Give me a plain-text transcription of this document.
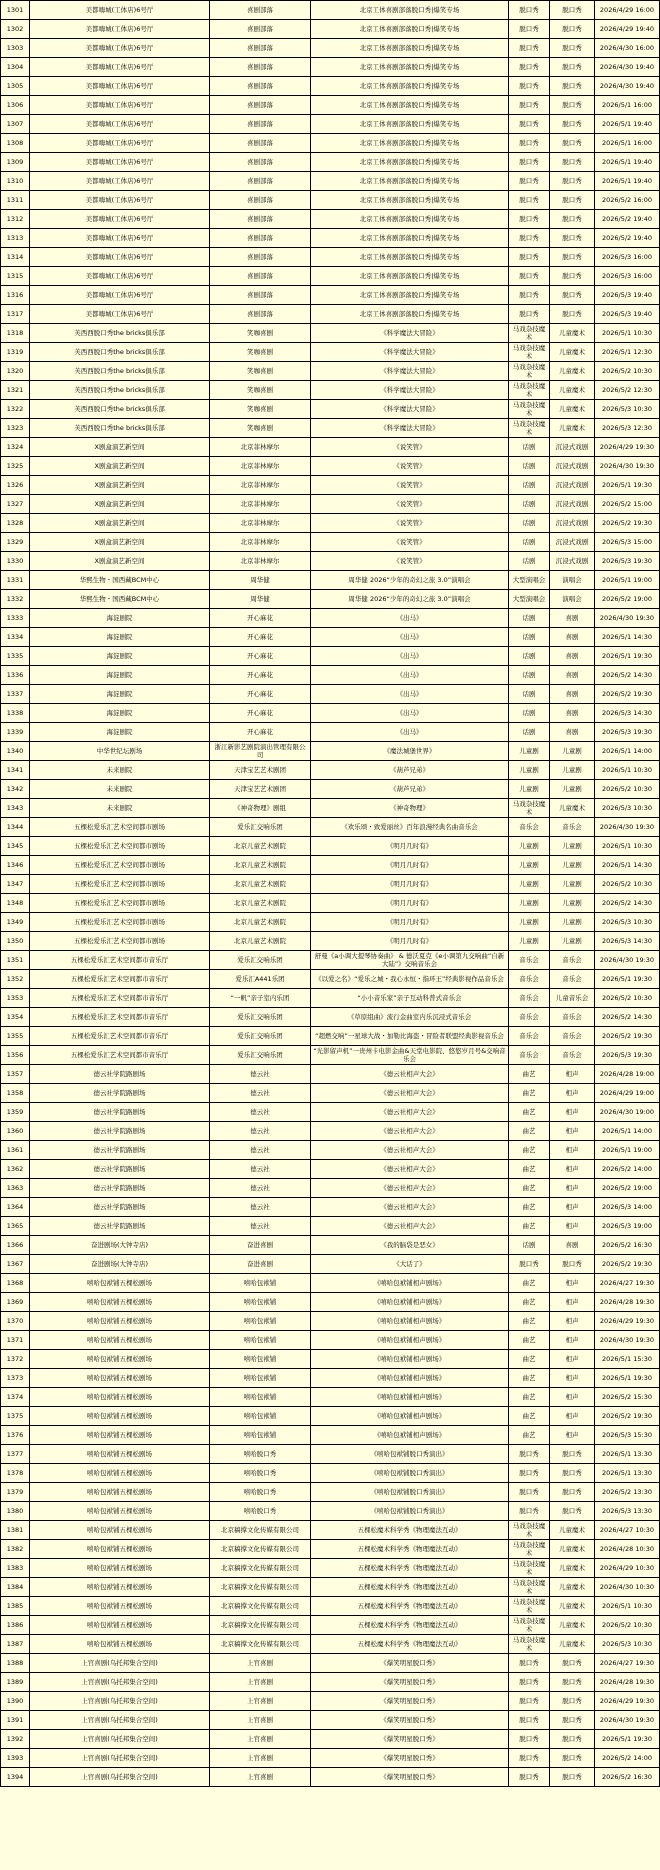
1301	美都嗨城(工体店)6号厅	喜剧部落	北京工体喜剧部落脱口秀|爆笑专场	脱口秀	脱口秀	2026/4/29 16:00
1302	美都嗨城(工体店)6号厅	喜剧部落	北京工体喜剧部落脱口秀|爆笑专场	脱口秀	脱口秀	2026/4/29 19:40
1303	美都嗨城(工体店)6号厅	喜剧部落	北京工体喜剧部落脱口秀|爆笑专场	脱口秀	脱口秀	2026/4/30 16:00
1304	美都嗨城(工体店)6号厅	喜剧部落	北京工体喜剧部落脱口秀|爆笑专场	脱口秀	脱口秀	2026/4/30 19:40
1305	美都嗨城(工体店)6号厅	喜剧部落	北京工体喜剧部落脱口秀|爆笑专场	脱口秀	脱口秀	2026/4/30 19:40
1306	美都嗨城(工体店)6号厅	喜剧部落	北京工体喜剧部落脱口秀|爆笑专场	脱口秀	脱口秀	2026/5/1 16:00
1307	美都嗨城(工体店)6号厅	喜剧部落	北京工体喜剧部落脱口秀|爆笑专场	脱口秀	脱口秀	2026/5/1 19:40
1308	美都嗨城(工体店)6号厅	喜剧部落	北京工体喜剧部落脱口秀|爆笑专场	脱口秀	脱口秀	2026/5/1 16:00
1309	美都嗨城(工体店)6号厅	喜剧部落	北京工体喜剧部落脱口秀|爆笑专场	脱口秀	脱口秀	2026/5/1 19:40
1310	美都嗨城(工体店)6号厅	喜剧部落	北京工体喜剧部落脱口秀|爆笑专场	脱口秀	脱口秀	2026/5/1 19:40
1311	美都嗨城(工体店)6号厅	喜剧部落	北京工体喜剧部落脱口秀|爆笑专场	脱口秀	脱口秀	2026/5/2 16:00
1312	美都嗨城(工体店)6号厅	喜剧部落	北京工体喜剧部落脱口秀|爆笑专场	脱口秀	脱口秀	2026/5/2 19:40
1313	美都嗨城(工体店)6号厅	喜剧部落	北京工体喜剧部落脱口秀|爆笑专场	脱口秀	脱口秀	2026/5/2 19:40
1314	美都嗨城(工体店)6号厅	喜剧部落	北京工体喜剧部落脱口秀|爆笑专场	脱口秀	脱口秀	2026/5/3 16:00
1315	美都嗨城(工体店)6号厅	喜剧部落	北京工体喜剧部落脱口秀|爆笑专场	脱口秀	脱口秀	2026/5/3 16:00
1316	美都嗨城(工体店)6号厅	喜剧部落	北京工体喜剧部落脱口秀|爆笑专场	脱口秀	脱口秀	2026/5/3 19:40
1317	美都嗨城(工体店)6号厅	喜剧部落	北京工体喜剧部落脱口秀|爆笑专场	脱口秀	脱口秀	2026/5/3 19:40
1318	芙西西脱口秀the bricks俱乐部	笑咖喜剧	《科学魔法大冒险》	马戏杂技魔术	儿童魔术	2026/5/1 10:30
1319	芙西西脱口秀the bricks俱乐部	笑咖喜剧	《科学魔法大冒险》	马戏杂技魔术	儿童魔术	2026/5/1 12:30
1320	芙西西脱口秀the bricks俱乐部	笑咖喜剧	《科学魔法大冒险》	马戏杂技魔术	儿童魔术	2026/5/2 10:30
1321	芙西西脱口秀the bricks俱乐部	笑咖喜剧	《科学魔法大冒险》	马戏杂技魔术	儿童魔术	2026/5/2 12:30
1322	芙西西脱口秀the bricks俱乐部	笑咖喜剧	《科学魔法大冒险》	马戏杂技魔术	儿童魔术	2026/5/3 10:30
1323	芙西西脱口秀the bricks俱乐部	笑咖喜剧	《科学魔法大冒险》	马戏杂技魔术	儿童魔术	2026/5/3 12:30
1324	X剧盒演艺新空间	北京菲林摩尔	《说笑管》	话剧	沉浸式戏剧	2026/4/29 19:30
1325	X剧盒演艺新空间	北京菲林摩尔	《说笑管》	话剧	沉浸式戏剧	2026/4/30 19:30
1326	X剧盒演艺新空间	北京菲林摩尔	《说笑管》	话剧	沉浸式戏剧	2026/5/1 19:30
1327	X剧盒演艺新空间	北京菲林摩尔	《说笑管》	话剧	沉浸式戏剧	2026/5/2 15:00
1328	X剧盒演艺新空间	北京菲林摩尔	《说笑管》	话剧	沉浸式戏剧	2026/5/2 19:30
1329	X剧盒演艺新空间	北京菲林摩尔	《说笑管》	话剧	沉浸式戏剧	2026/5/3 15:00
1330	X剧盒演艺新空间	北京菲林摩尔	《说笑管》	话剧	沉浸式戏剧	2026/5/3 19:30
1331	华熙生物・国西藏BCM中心	周华健	周华健 2026“少年的奇幻之旅 3.0”演唱会	大型演唱会	演唱会	2026/5/1 19:00
1332	华熙生物・国西藏BCM中心	周华健	周华健 2026“少年的奇幻之旅 3.0”演唱会	大型演唱会	演唱会	2026/5/2 19:00
1333	海淀剧院	开心麻花	《出马》	话剧	喜剧	2026/4/30 19:30
1334	海淀剧院	开心麻花	《出马》	话剧	喜剧	2026/5/1 14:30
1335	海淀剧院	开心麻花	《出马》	话剧	喜剧	2026/5/1 19:30
1336	海淀剧院	开心麻花	《出马》	话剧	喜剧	2026/5/2 14:30
1337	海淀剧院	开心麻花	《出马》	话剧	喜剧	2026/5/2 19:30
1338	海淀剧院	开心麻花	《出马》	话剧	喜剧	2026/5/3 14:30
1339	海淀剧院	开心麻花	《出马》	话剧	喜剧	2026/5/3 19:30
1340	中华世纪坛剧场	浙江新影艺剧院演出管理有限公司	《魔法城堡世界》	儿童剧	儿童剧	2026/5/1 14:00
1341	未来剧院	天津宝艺艺术剧团	《葫芦兄弟》	儿童剧	儿童剧	2026/5/1 10:30
1342	未来剧院	天津宝艺艺术剧团	《葫芦兄弟》	儿童剧	儿童剧	2026/5/2 10:30
1343	未来剧院	《神奇物理》剧组	《神奇物理》	马戏杂技魔术	儿童魔术	2026/5/3 10:30
1344	五棵松爱乐汇艺术空间都市剧场	爱乐汇交响乐团	《欢乐颂・致爱丽丝》百年浪漫经典名曲音乐会	音乐会	音乐会	2026/4/30 19:30
1345	五棵松爱乐汇艺术空间都市剧场	北京儿童艺术剧院	《明月几时有》	儿童剧	儿童剧	2026/5/1 10:30
1346	五棵松爱乐汇艺术空间都市剧场	北京儿童艺术剧院	《明月几时有》	儿童剧	儿童剧	2026/5/1 14:30
1347	五棵松爱乐汇艺术空间都市剧场	北京儿童艺术剧院	《明月几时有》	儿童剧	儿童剧	2026/5/2 10:30
1348	五棵松爱乐汇艺术空间都市剧场	北京儿童艺术剧院	《明月几时有》	儿童剧	儿童剧	2026/5/2 14:30
1349	五棵松爱乐汇艺术空间都市剧场	北京儿童艺术剧院	《明月几时有》	儿童剧	儿童剧	2026/5/3 10:30
1350	五棵松爱乐汇艺术空间都市剧场	北京儿童艺术剧院	《明月几时有》	儿童剧	儿童剧	2026/5/3 14:30
1351	五棵松爱乐汇艺术空间都市音乐厅	爱乐汇交响乐团	舒曼《a小调大提琴协奏曲》 & 德沃夏克《e小调第九交响曲“自新大陆”》交响音乐会	音乐会	音乐会	2026/4/30 19:30
1352	五棵松爱乐汇艺术空间都市音乐厅	爱乐汇A441乐团	《以爱之名》“爱乐之城・我心永恒・指环王”经典影视作品音乐会	音乐会	音乐会	2026/5/1 19:30
1353	五棵松爱乐汇艺术空间都市音乐厅	“一帆”亲子室内乐团	“小小音乐家”亲子互动科普式音乐会	音乐会	儿童音乐会	2026/5/2 10:30
1354	五棵松爱乐汇艺术空间都市音乐厅	爱乐汇交响乐团	《草原组曲》流行金曲室内乐沉浸式音乐会	音乐会	音乐会	2026/5/2 14:30
1355	五棵松爱乐汇艺术空间都市音乐厅	爱乐汇交响乐团	“超燃交响”一星球大战・加勒比海盗・冒险者联盟经典影视音乐会	音乐会	音乐会	2026/5/2 19:30
1356	五棵松爱乐汇艺术空间都市音乐厅	爱乐汇交响乐团	“光影留声机”一贵州卡电影金曲&天堂电影院、悠悠岁月号&交响音乐会	音乐会	音乐会	2026/5/3 19:30
1357	德云社学院路剧场	德云社	《德云社相声大会》	曲艺	相声	2026/4/28 19:00
1358	德云社学院路剧场	德云社	《德云社相声大会》	曲艺	相声	2026/4/29 19:00
1359	德云社学院路剧场	德云社	《德云社相声大会》	曲艺	相声	2026/4/30 19:00
1360	德云社学院路剧场	德云社	《德云社相声大会》	曲艺	相声	2026/5/1 14:00
1361	德云社学院路剧场	德云社	《德云社相声大会》	曲艺	相声	2026/5/1 19:00
1362	德云社学院路剧场	德云社	《德云社相声大会》	曲艺	相声	2026/5/2 14:00
1363	德云社学院路剧场	德云社	《德云社相声大会》	曲艺	相声	2026/5/2 19:00
1364	德云社学院路剧场	德云社	《德云社相声大会》	曲艺	相声	2026/5/3 14:00
1365	德云社学院路剧场	德云社	《德云社相声大会》	曲艺	相声	2026/5/3 19:00
1366	奋进剧场(大钟寺店)	奋进喜剧	《我的脑袋是恶女》	话剧	喜剧	2026/5/2 16:30
1367	奋进剧场(大钟寺店)	奋进喜剧	《大话了》	脱口秀	脱口秀	2026/5/2 19:30
1368	嘻哈包袱铺五棵松剧场	嘻哈包袱铺	《嘻哈包袱铺相声剧场》	曲艺	相声	2026/4/27 19:30
1369	嘻哈包袱铺五棵松剧场	嘻哈包袱铺	《嘻哈包袱铺相声剧场》	曲艺	相声	2026/4/28 19:30
1370	嘻哈包袱铺五棵松剧场	嘻哈包袱铺	《嘻哈包袱铺相声剧场》	曲艺	相声	2026/4/29 19:30
1371	嘻哈包袱铺五棵松剧场	嘻哈包袱铺	《嘻哈包袱铺相声剧场》	曲艺	相声	2026/4/30 19:30
1372	嘻哈包袱铺五棵松剧场	嘻哈包袱铺	《嘻哈包袱铺相声剧场》	曲艺	相声	2026/5/1 15:30
1373	嘻哈包袱铺五棵松剧场	嘻哈包袱铺	《嘻哈包袱铺相声剧场》	曲艺	相声	2026/5/1 19:30
1374	嘻哈包袱铺五棵松剧场	嘻哈包袱铺	《嘻哈包袱铺相声剧场》	曲艺	相声	2026/5/2 15:30
1375	嘻哈包袱铺五棵松剧场	嘻哈包袱铺	《嘻哈包袱铺相声剧场》	曲艺	相声	2026/5/2 19:30
1376	嘻哈包袱铺五棵松剧场	嘻哈包袱铺	《嘻哈包袱铺相声剧场》	曲艺	相声	2026/5/3 15:30
1377	嘻哈包袱铺五棵松剧场	嘻哈脱口秀	《嘻哈包袱铺脱口秀演出》	脱口秀	脱口秀	2026/5/1 13:30
1378	嘻哈包袱铺五棵松剧场	嘻哈脱口秀	《嘻哈包袱铺脱口秀演出》	脱口秀	脱口秀	2026/5/1 13:30
1379	嘻哈包袱铺五棵松剧场	嘻哈脱口秀	《嘻哈包袱铺脱口秀演出》	脱口秀	脱口秀	2026/5/2 13:30
1380	嘻哈包袱铺五棵松剧场	嘻哈脱口秀	《嘻哈包袱铺脱口秀演出》	脱口秀	脱口秀	2026/5/3 13:30
1381	嘻哈包袱铺五棵松剧场	北京稿撑文化传媒有限公司	五棵松魔术科学秀《物理魔法互动》	马戏杂技魔术	儿童魔术	2026/4/27 10:30
1382	嘻哈包袱铺五棵松剧场	北京稿撑文化传媒有限公司	五棵松魔术科学秀《物理魔法互动》	马戏杂技魔术	儿童魔术	2026/4/28 10:30
1383	嘻哈包袱铺五棵松剧场	北京稿撑文化传媒有限公司	五棵松魔术科学秀《物理魔法互动》	马戏杂技魔术	儿童魔术	2026/4/29 10:30
1384	嘻哈包袱铺五棵松剧场	北京稿撑文化传媒有限公司	五棵松魔术科学秀《物理魔法互动》	马戏杂技魔术	儿童魔术	2026/4/30 10:30
1385	嘻哈包袱铺五棵松剧场	北京稿撑文化传媒有限公司	五棵松魔术科学秀《物理魔法互动》	马戏杂技魔术	儿童魔术	2026/5/1 10:30
1386	嘻哈包袱铺五棵松剧场	北京稿撑文化传媒有限公司	五棵松魔术科学秀《物理魔法互动》	马戏杂技魔术	儿童魔术	2026/5/2 10:30
1387	嘻哈包袱铺五棵松剧场	北京稿撑文化传媒有限公司	五棵松魔术科学秀《物理魔法互动》	马戏杂技魔术	儿童魔术	2026/5/3 10:30
1388	上官喜剧(乌托邦集合空间)	上官喜剧	《爆笑明星脱口秀》	脱口秀	脱口秀	2026/4/27 19:30
1389	上官喜剧(乌托邦集合空间)	上官喜剧	《爆笑明星脱口秀》	脱口秀	脱口秀	2026/4/28 19:30
1390	上官喜剧(乌托邦集合空间)	上官喜剧	《爆笑明星脱口秀》	脱口秀	脱口秀	2026/4/29 19:30
1391	上官喜剧(乌托邦集合空间)	上官喜剧	《爆笑明星脱口秀》	脱口秀	脱口秀	2026/4/30 19:30
1392	上官喜剧(乌托邦集合空间)	上官喜剧	《爆笑明星脱口秀》	脱口秀	脱口秀	2026/5/1 19:30
1393	上官喜剧(乌托邦集合空间)	上官喜剧	《爆笑明星脱口秀》	脱口秀	脱口秀	2026/5/2 14:00
1394	上官喜剧(乌托邦集合空间)	上官喜剧	《爆笑明星脱口秀》	脱口秀	脱口秀	2026/5/2 16:30
